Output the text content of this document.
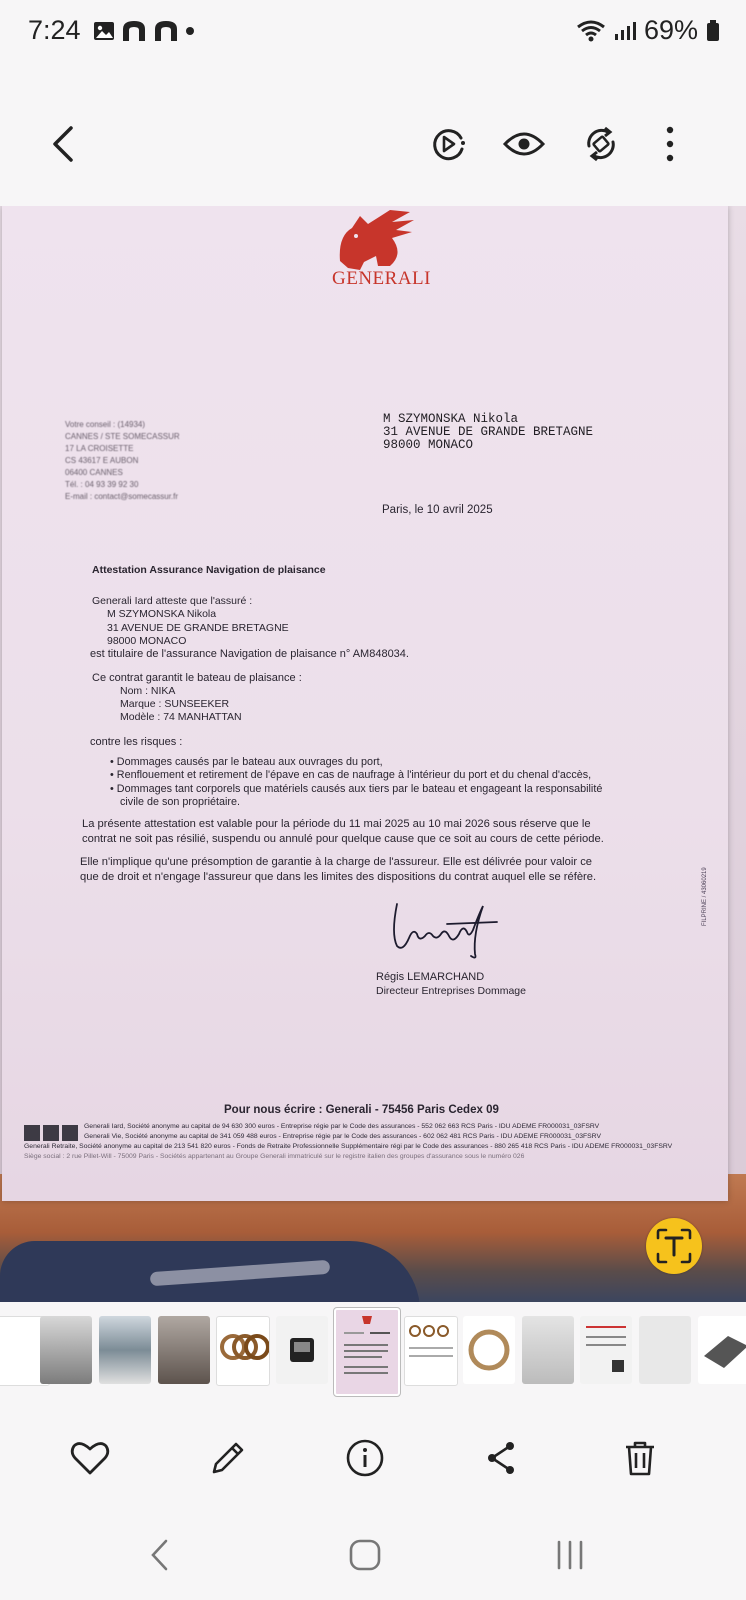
7:24	69%
GENERALI
Votre conseil : (14934)
CANNES / STE SOMECASSUR
17 LA CROISETTE
CS 43617 E AUBON
06400 CANNES
Tél. : 04 93 39 92 30
E-mail : contact@somecassur.fr
M SZYMONSKA Nikola
31 AVENUE DE GRANDE BRETAGNE
98000 MONACO
Paris, le 10 avril 2025
Attestation Assurance Navigation de plaisance
Generali Iard atteste que l'assuré :
M SZYMONSKA Nikola
31 AVENUE DE GRANDE BRETAGNE
98000 MONACO
est titulaire de l'assurance Navigation de plaisance n° AM848034.
Ce contrat garantit le bateau de plaisance :
Nom : NIKA
Marque : SUNSEEKER
Modèle : 74 MANHATTAN
contre les risques :
• Dommages causés par le bateau aux ouvrages du port,
• Renflouement et retirement de l'épave en cas de naufrage à l'intérieur du port et du chenal d'accès,
• Dommages tant corporels que matériels causés aux tiers par le bateau et engageant la responsabilité
civile de son propriétaire.
La présente attestation est valable pour la période du 11 mai 2025 au 10 mai 2026 sous réserve que le
contrat ne soit pas résilié, suspendu ou annulé pour quelque cause que ce soit au cours de cette période.
Elle n'implique qu'une présomption de garantie à la charge de l'assureur. Elle est délivrée pour valoir ce
que de droit et n'engage l'assureur que dans les limites des dispositions du contrat auquel elle se réfère.
Régis LEMARCHAND
Directeur Entreprises Dommage
FILPRINE / 43060219
Pour nous écrire : Generali - 75456 Paris Cedex 09
Generali Iard, Société anonyme au capital de 94 630 300 euros - Entreprise régie par le Code des assurances - 552 062 663 RCS Paris - IDU ADEME FR000031_03FSRV
Generali Vie, Société anonyme au capital de 341 059 488 euros - Entreprise régie par le Code des assurances - 602 062 481 RCS Paris - IDU ADEME FR000031_03FSRV
Generali Retraite, Société anonyme au capital de 213 541 820 euros - Fonds de Retraite Professionnelle Supplémentaire régi par le Code des assurances - 880 265 418 RCS Paris - IDU ADEME FR000031_03FSRV
Siège social : 2 rue Pillet-Will - 75009 Paris - Sociétés appartenant au Groupe Generali immatriculé sur le registre italien des groupes d'assurance sous le numéro 026
